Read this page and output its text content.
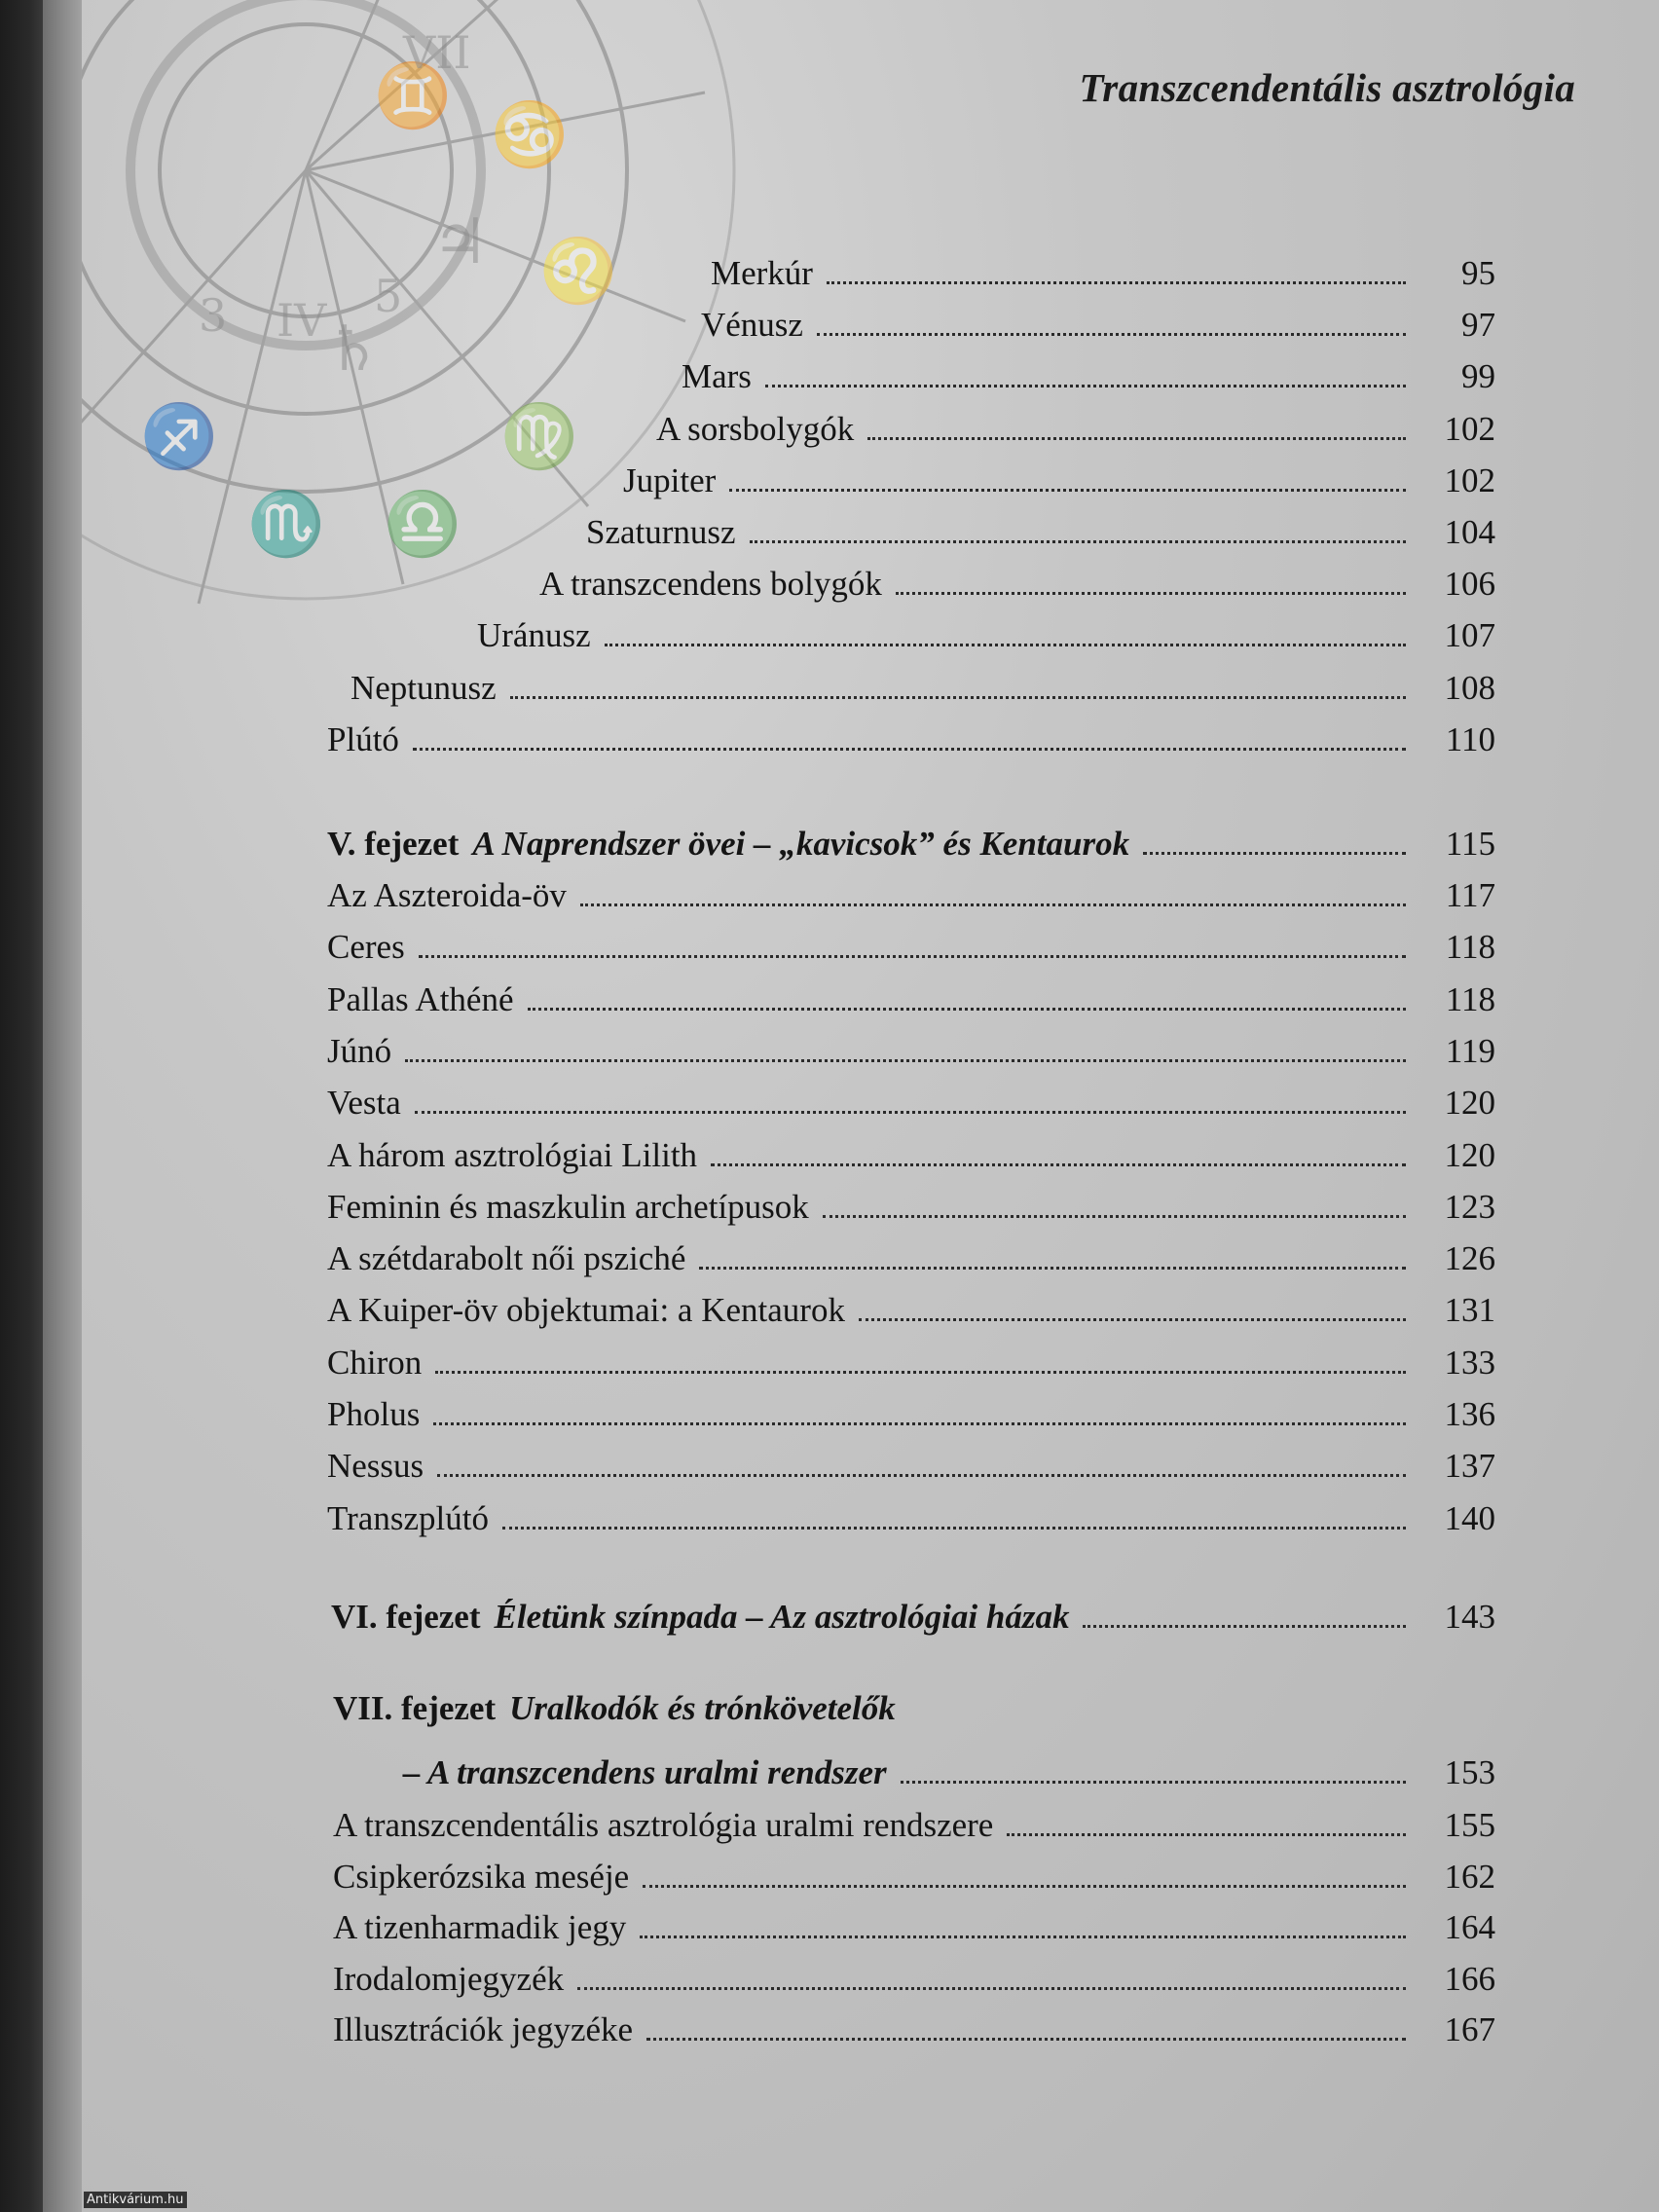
♊
♋
♌
♍
♎
♏
♐
♃
♄
VII
IV
3	5
Transzcendentális asztrológia
Merkúr	95
Vénusz	97
Mars	99
A sorsbolygók	102
Jupiter	102
Szaturnusz	104
A transzcendens bolygók	106
Uránusz	107
Neptunusz	108
Plútó	110
V. fejezet A Naprendszer övei – „kavicsok” és Kentaurok	115
Az Aszteroida-öv	117
Ceres	118
Pallas Athéné	118
Júnó	119
Vesta	120
A három asztrológiai Lilith	120
Feminin és maszkulin archetípusok	123
A szétdarabolt női psziché	126
A Kuiper-öv objektumai: a Kentaurok	131
Chiron	133
Pholus	136
Nessus	137
Transzplútó	140
VI. fejezet Életünk színpada – Az asztrológiai házak	143
VII. fejezet Uralkodók és trónkövetelők
– A transzcendens uralmi rendszer	153
A transzcendentális asztrológia uralmi rendszere	155
Csipkerózsika meséje	162
A tizenharmadik jegy	164
Irodalomjegyzék	166
Illusztrációk jegyzéke	167
Antikvárium.hu
